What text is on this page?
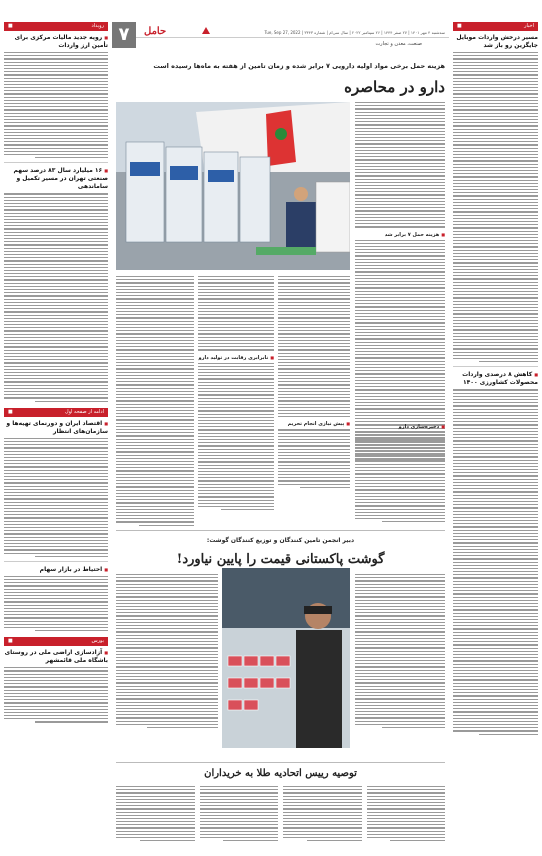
اخبار
■
مسیر درخش واردات موبایل جایگزین رو باز شد
■ کاهش ۸ درصدی واردات محصولات کشاورزی ۱۴۰۰
رویداد
■
■ رویه جدید مالیات مرکزی برای تأمین ارز واردات
■ ۱۶ میلیارد سال ۸۳ درصد سهم صنعتی تهران در مسیر تکمیل و ساماندهی
ادامه از صفحه اول
■
■ اقتصاد ایران و دورنمای تهیه‌ها و سازمان‌های انتظار
■ احتیاط در بازار سهام
بورس
■
■ آزادسازی اراضی ملی در روستای باشگاه ملی قائمشهر
۷	حامل	سه‌شنبه ۴ مهر ۱۴۰۱ | ۲۷ صفر ۱۴۴۴ | ۲۶ سپتامبر ۲۰۲۲ | سال سی‌ام | شماره ۳۳۴۳ | Tue, Sep 27, 2022
صنعت، معدن و تجارت
هزینه حمل برخی مواد اولیه دارویی ۷ برابر شده و زمان تامین از هفته به ماه‌ها رسیده است
دارو در محاصره
■ هزینه حمل ۷ برابر شد
■ نابرابری رقابت در تولید دارو
■ پیش نیازی انجام تحریم
■	ذخیره‌سازی دارو
دبیر انجمن تامین کنندگان و توزیع کنندگان گوشت:
گوشت پاکستانی قیمت را پایین نیاورد!
توصیه رییس اتحادیه طلا به خریداران
